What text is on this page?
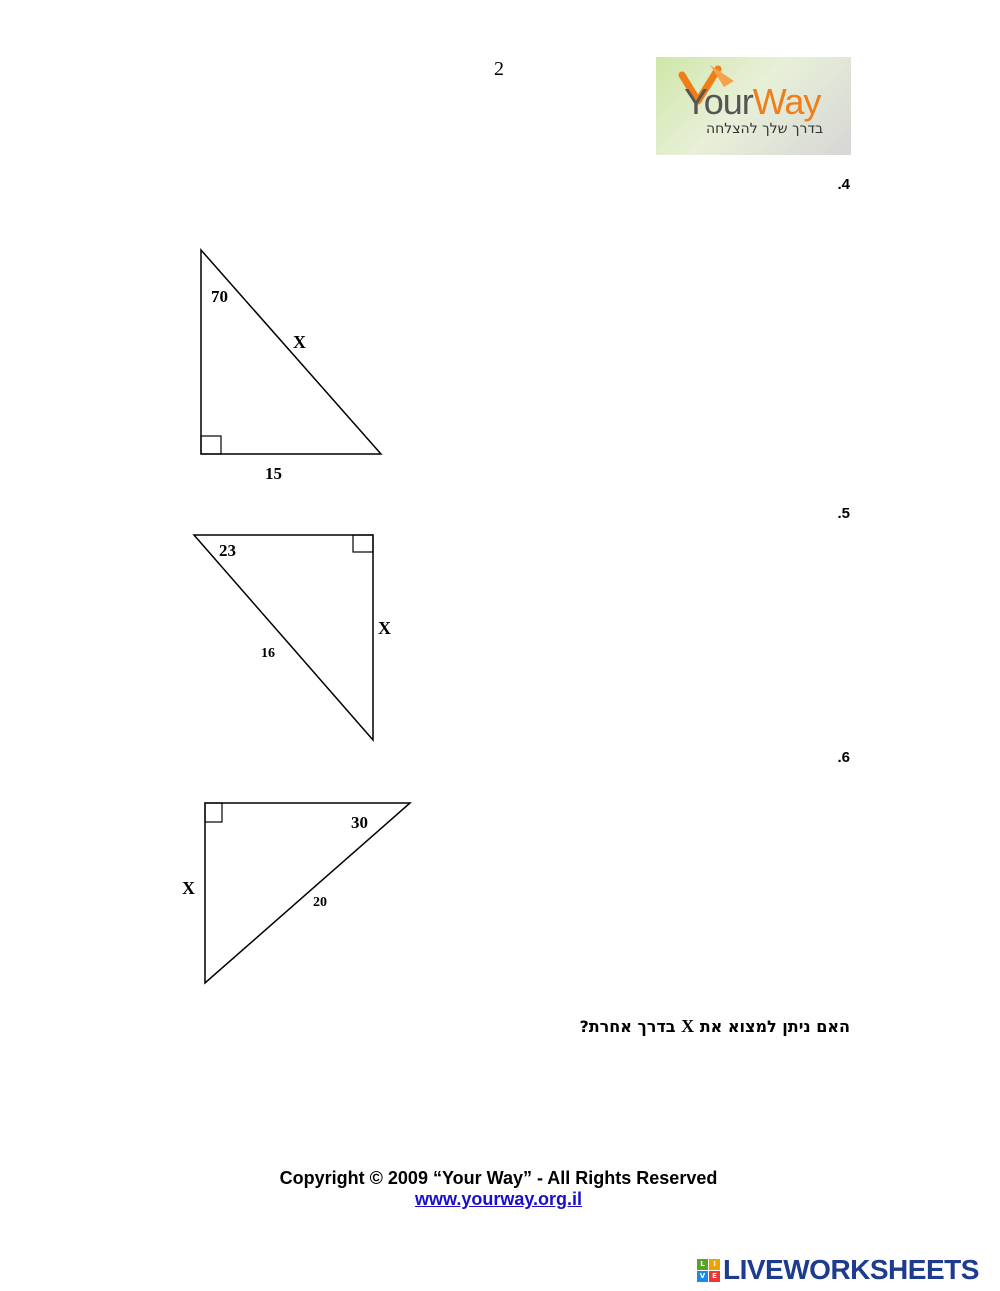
2
YourWay
בדרך שלך להצלחה
.4
70
X
15
23
16
X
30
20
X
.5
.6
האם ניתן למצוא את X בדרך אחרת?
Copyright © 2009 “Your Way” - All Rights Reserved
www.yourway.org.il
L	I
V E LIVEWORKSHEETS
